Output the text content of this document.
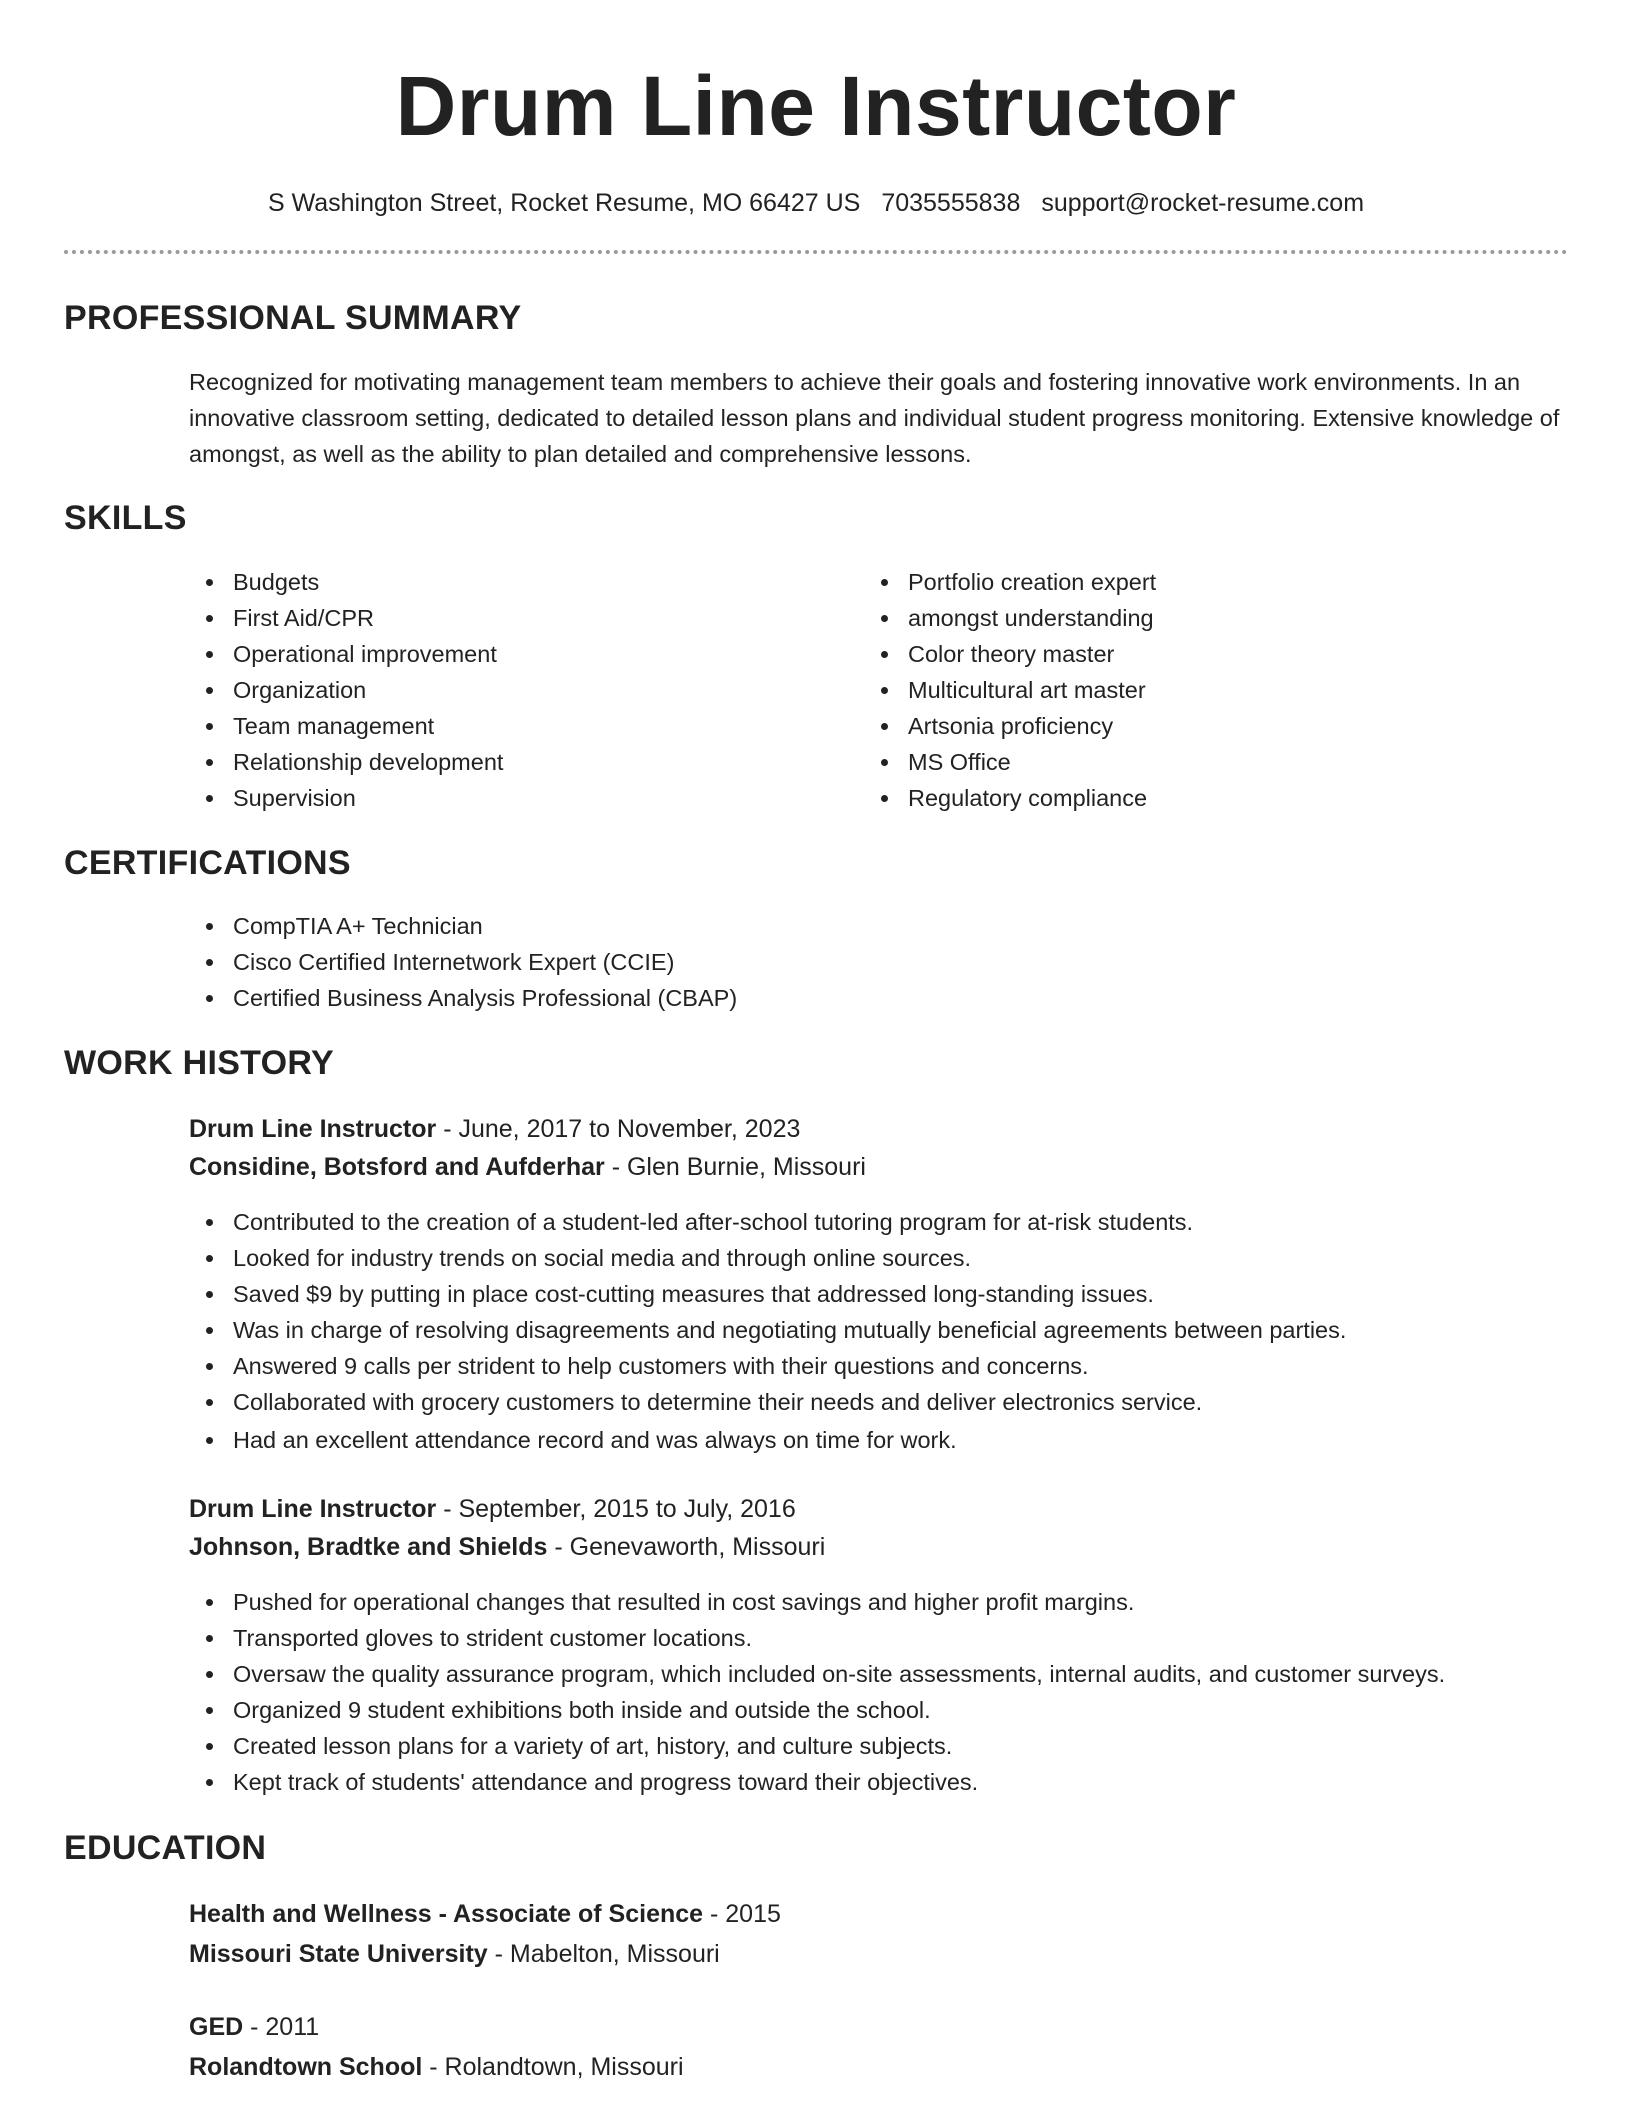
Drum Line Instructor
S Washington Street, Rocket Resume, MO 66427 US 7035555838 support@rocket-resume.com
PROFESSIONAL SUMMARY
Recognized for motivating management team members to achieve their goals and fostering innovative work environments. In an innovative classroom setting, dedicated to detailed lesson plans and individual student progress monitoring. Extensive knowledge of amongst, as well as the ability to plan detailed and comprehensive lessons.
SKILLS
Budgets
First Aid/CPR
Operational improvement
Organization
Team management
Relationship development
Supervision
Portfolio creation expert
amongst understanding
Color theory master
Multicultural art master
Artsonia proficiency
MS Office
Regulatory compliance
CERTIFICATIONS
CompTIA A+ Technician
Cisco Certified Internetwork Expert (CCIE)
Certified Business Analysis Professional (CBAP)
WORK HISTORY
Drum Line Instructor - June, 2017 to November, 2023
Considine, Botsford and Aufderhar - Glen Burnie, Missouri
Contributed to the creation of a student-led after-school tutoring program for at-risk students.
Looked for industry trends on social media and through online sources.
Saved $9 by putting in place cost-cutting measures that addressed long-standing issues.
Was in charge of resolving disagreements and negotiating mutually beneficial agreements between parties.
Answered 9 calls per strident to help customers with their questions and concerns.
Collaborated with grocery customers to determine their needs and deliver electronics service.
Had an excellent attendance record and was always on time for work.
Drum Line Instructor - September, 2015 to July, 2016
Johnson, Bradtke and Shields - Genevaworth, Missouri
Pushed for operational changes that resulted in cost savings and higher profit margins.
Transported gloves to strident customer locations.
Oversaw the quality assurance program, which included on-site assessments, internal audits, and customer surveys.
Organized 9 student exhibitions both inside and outside the school.
Created lesson plans for a variety of art, history, and culture subjects.
Kept track of students' attendance and progress toward their objectives.
EDUCATION
Health and Wellness - Associate of Science - 2015
Missouri State University - Mabelton, Missouri
GED - 2011
Rolandtown School - Rolandtown, Missouri
